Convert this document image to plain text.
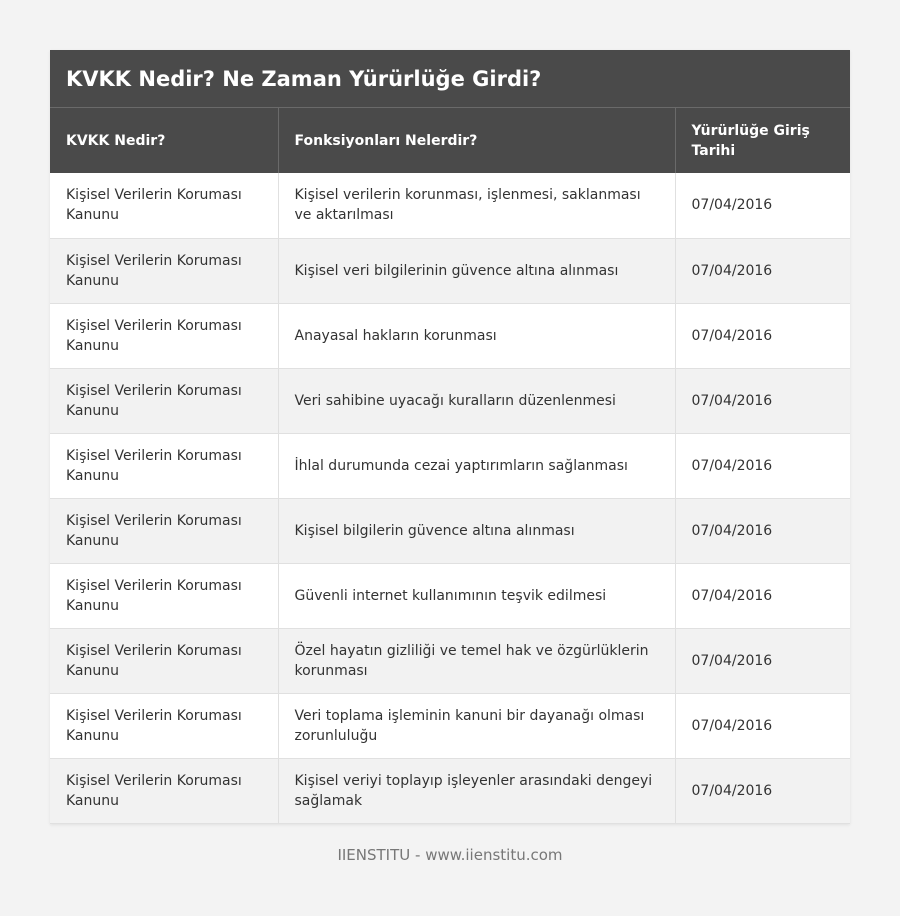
KVKK Nedir? Ne Zaman Yürürlüğe Girdi?
KVKK Nedir?	Fonksiyonları Nelerdir?	Yürürlüğe Giriş Tarihi
Kişisel Verilerin Koruması Kanunu	Kişisel verilerin korunması, işlenmesi, saklanması ve aktarılması	07/04/2016
Kişisel Verilerin Koruması Kanunu	Kişisel veri bilgilerinin güvence altına alınması	07/04/2016
Kişisel Verilerin Koruması Kanunu	Anayasal hakların korunması	07/04/2016
Kişisel Verilerin Koruması Kanunu	Veri sahibine uyacağı kuralların düzenlenmesi	07/04/2016
Kişisel Verilerin Koruması Kanunu	İhlal durumunda cezai yaptırımların sağlanması	07/04/2016
Kişisel Verilerin Koruması Kanunu	Kişisel bilgilerin güvence altına alınması	07/04/2016
Kişisel Verilerin Koruması Kanunu	Güvenli internet kullanımının teşvik edilmesi	07/04/2016
Kişisel Verilerin Koruması Kanunu	Özel hayatın gizliliği ve temel hak ve özgürlüklerin korunması	07/04/2016
Kişisel Verilerin Koruması Kanunu	Veri toplama işleminin kanuni bir dayanağı olması zorunluluğu	07/04/2016
Kişisel Verilerin Koruması Kanunu	Kişisel veriyi toplayıp işleyenler arasındaki dengeyi sağlamak	07/04/2016
IIENSTITU - www.iienstitu.com
